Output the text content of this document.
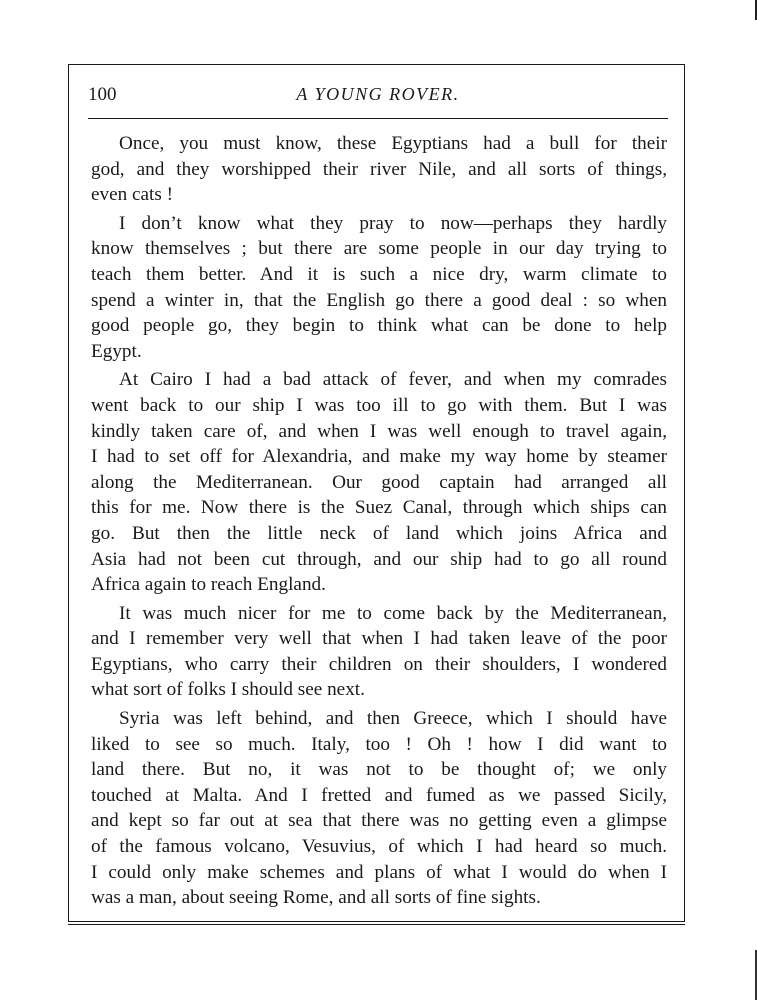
100	A YOUNG ROVER.
Once, you must know, these Egyptians had a bull for their
god, and they worshipped their river Nile, and all sorts of things,
even cats !
I don’t know what they pray to now—perhaps they hardly
know themselves ; but there are some people in our day trying to
teach them better. And it is such a nice dry, warm climate to
spend a winter in, that the English go there a good deal : so when
good people go, they begin to think what can be done to help
Egypt.
At Cairo I had a bad attack of fever, and when my comrades
went back to our ship I was too ill to go with them. But I was
kindly taken care of, and when I was well enough to travel again,
I had to set off for Alexandria, and make my way home by steamer
along the Mediterranean. Our good captain had arranged all
this for me. Now there is the Suez Canal, through which ships can
go. But then the little neck of land which joins Africa and
Asia had not been cut through, and our ship had to go all round
Africa again to reach England.
It was much nicer for me to come back by the Mediterranean,
and I remember very well that when I had taken leave of the poor
Egyptians, who carry their children on their shoulders, I wondered
what sort of folks I should see next.
Syria was left behind, and then Greece, which I should have
liked to see so much. Italy, too ! Oh ! how I did want to
land there. But no, it was not to be thought of; we only
touched at Malta. And I fretted and fumed as we passed Sicily,
and kept so far out at sea that there was no getting even a glimpse
of the famous volcano, Vesuvius, of which I had heard so much.
I could only make schemes and plans of what I would do when I
was a man, about seeing Rome, and all sorts of fine sights.
